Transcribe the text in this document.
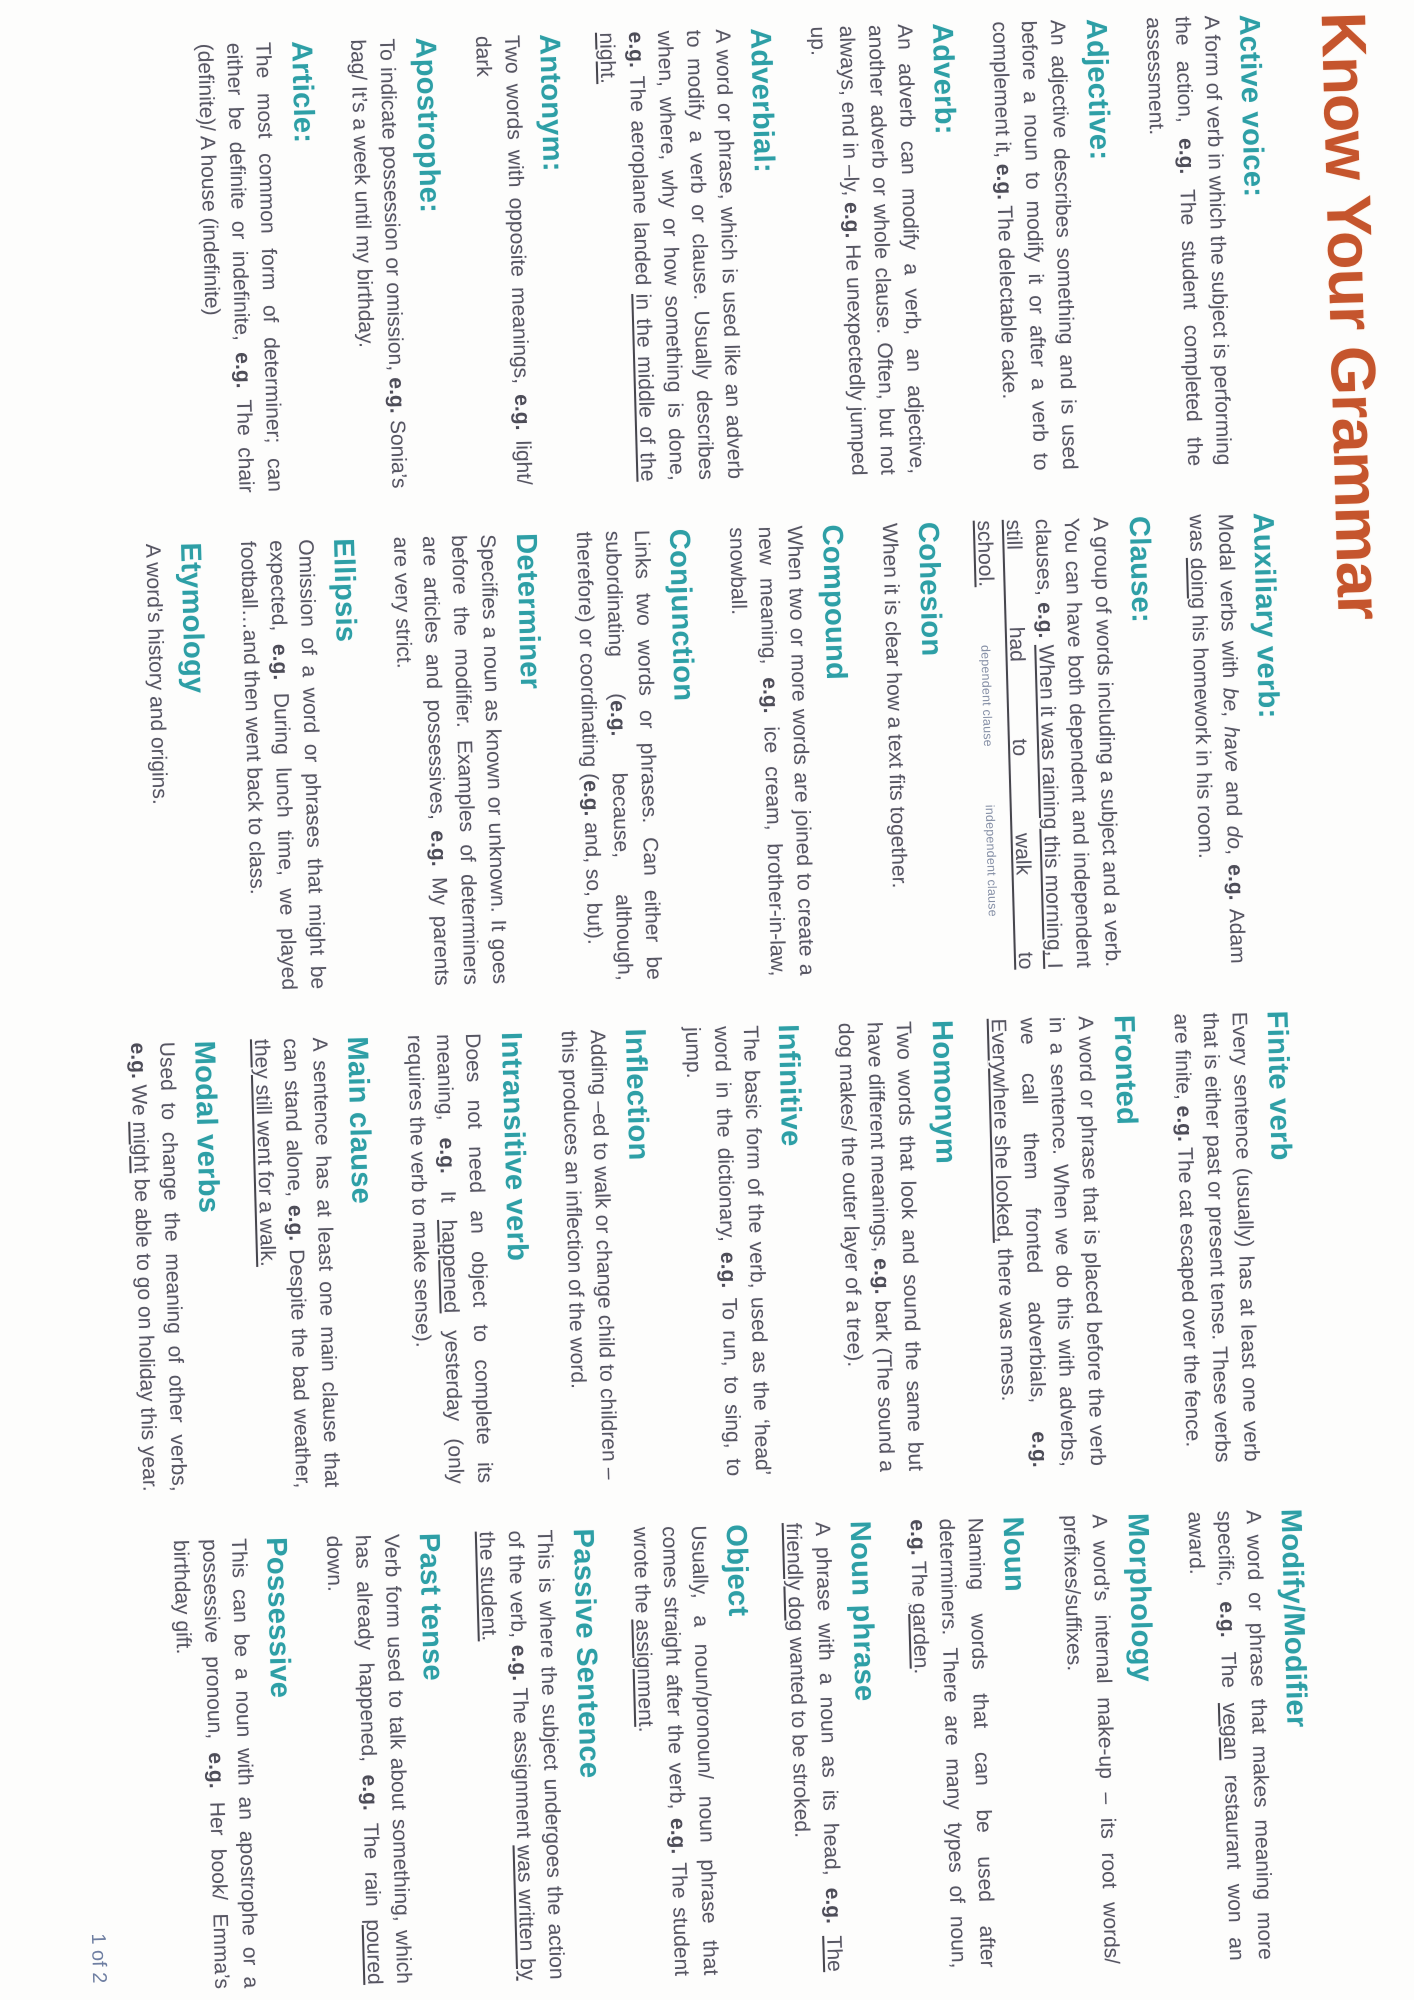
Know Your Grammar
Active voice:

A form of verb in which the subject is performing the action, e.g. The student completed the assessment.

Adjective:

An adjective describes something and is used before a noun to modify it or after a verb to complement it, e.g. The delectable cake.

Adverb:

An adverb can modify a verb, an adjective, another adverb or whole clause. Often, but not always, end in –ly, e.g. He unexpectedly jumped up.

Adverbial:

A word or phrase, which is used like an adverb to modify a verb or clause. Usually describes when, where, why or how something is done, e.g. The aeroplane landed in the middle of the night.

Antonym:

Two words with opposite meanings, e.g. light/ dark

Apostrophe:

To indicate possession or omission, e.g. Sonia’s bag/ It’s a week until my birthday.

Article:

The most common form of determiner; can either be definite or indefinite, e.g. The chair (definite)/ A house (indefinite)

Auxiliary verb:

Modal verbs with be, have and do, e.g. Adam was doing his homework in his room.

Clause:

A group of words including a subject and a verb. You can have both dependent and independent clauses, e.g. When it was raining this morning, I still had to walk to school.dependent clauseindependent clause

Cohesion

When it is clear how a text fits together.

Compound

When two or more words are joined to create a new meaning, e.g. ice cream, brother-in-law, snowball.

Conjunction

Links two words or phrases. Can either be subordinating (e.g. because, although, therefore) or coordinating (e.g. and, so, but).

Determiner

Specifies a noun as known or unknown. It goes before the modifier. Examples of determiners are articles and possessives, e.g. My parents are very strict.

Ellipsis

Omission of a word or phrases that might be expected, e.g. During lunch time, we played football…and then went back to class.

Etymology

A word’s history and origins.

Finite verb

Every sentence (usually) has at least one verb that is either past or present tense. These verbs are finite, e.g. The cat escaped over the fence.

Fronted

A word or phrase that is placed before the verb in a sentence. When we do this with adverbs, we call them fronted adverbials, e.g. Everywhere she looked, there was mess.

Homonym

Two words that look and sound the same but have different meanings, e.g. bark (The sound a dog makes/ the outer layer of a tree).

Infinitive

The basic form of the verb, used as the ‘head’ word in the dictionary, e.g. To run, to sing, to jump.

Inflection

Adding –ed to walk or change child to children – this produces an inflection of the word.

Intransitive verb

Does not need an object to complete its meaning, e.g. It happened yesterday (only requires the verb to make sense).

Main clause

A sentence has at least one main clause that can stand alone, e.g. Despite the bad weather, they still went for a walk.

Modal verbs

Used to change the meaning of other verbs, e.g. We might be able to go on holiday this year.

Modify/Modifier

A word or phrase that makes meaning more specific, e.g. The vegan restaurant won an award.

Morphology

A word’s internal make-up – its root words/ prefixes/suffixes.

Noun

Naming words that can be used after determiners. There are many types of noun, e.g. The garden.

Noun phrase

A phrase with a noun as its head, e.g. The friendly dog wanted to be stroked.

Object

Usually, a noun/pronoun/ noun phrase that comes straight after the verb, e.g. The student wrote the assignment.

Passive Sentence

This is where the subject undergoes the action of the verb, e.g. The assignment was written by the student.

Past tense

Verb form used to talk about something, which has already happened, e.g. The rain poured down.

Possessive

This can be a noun with an apostrophe or a possessive pronoun, e.g. Her book/ Emma’s birthday gift.

1 of 2
